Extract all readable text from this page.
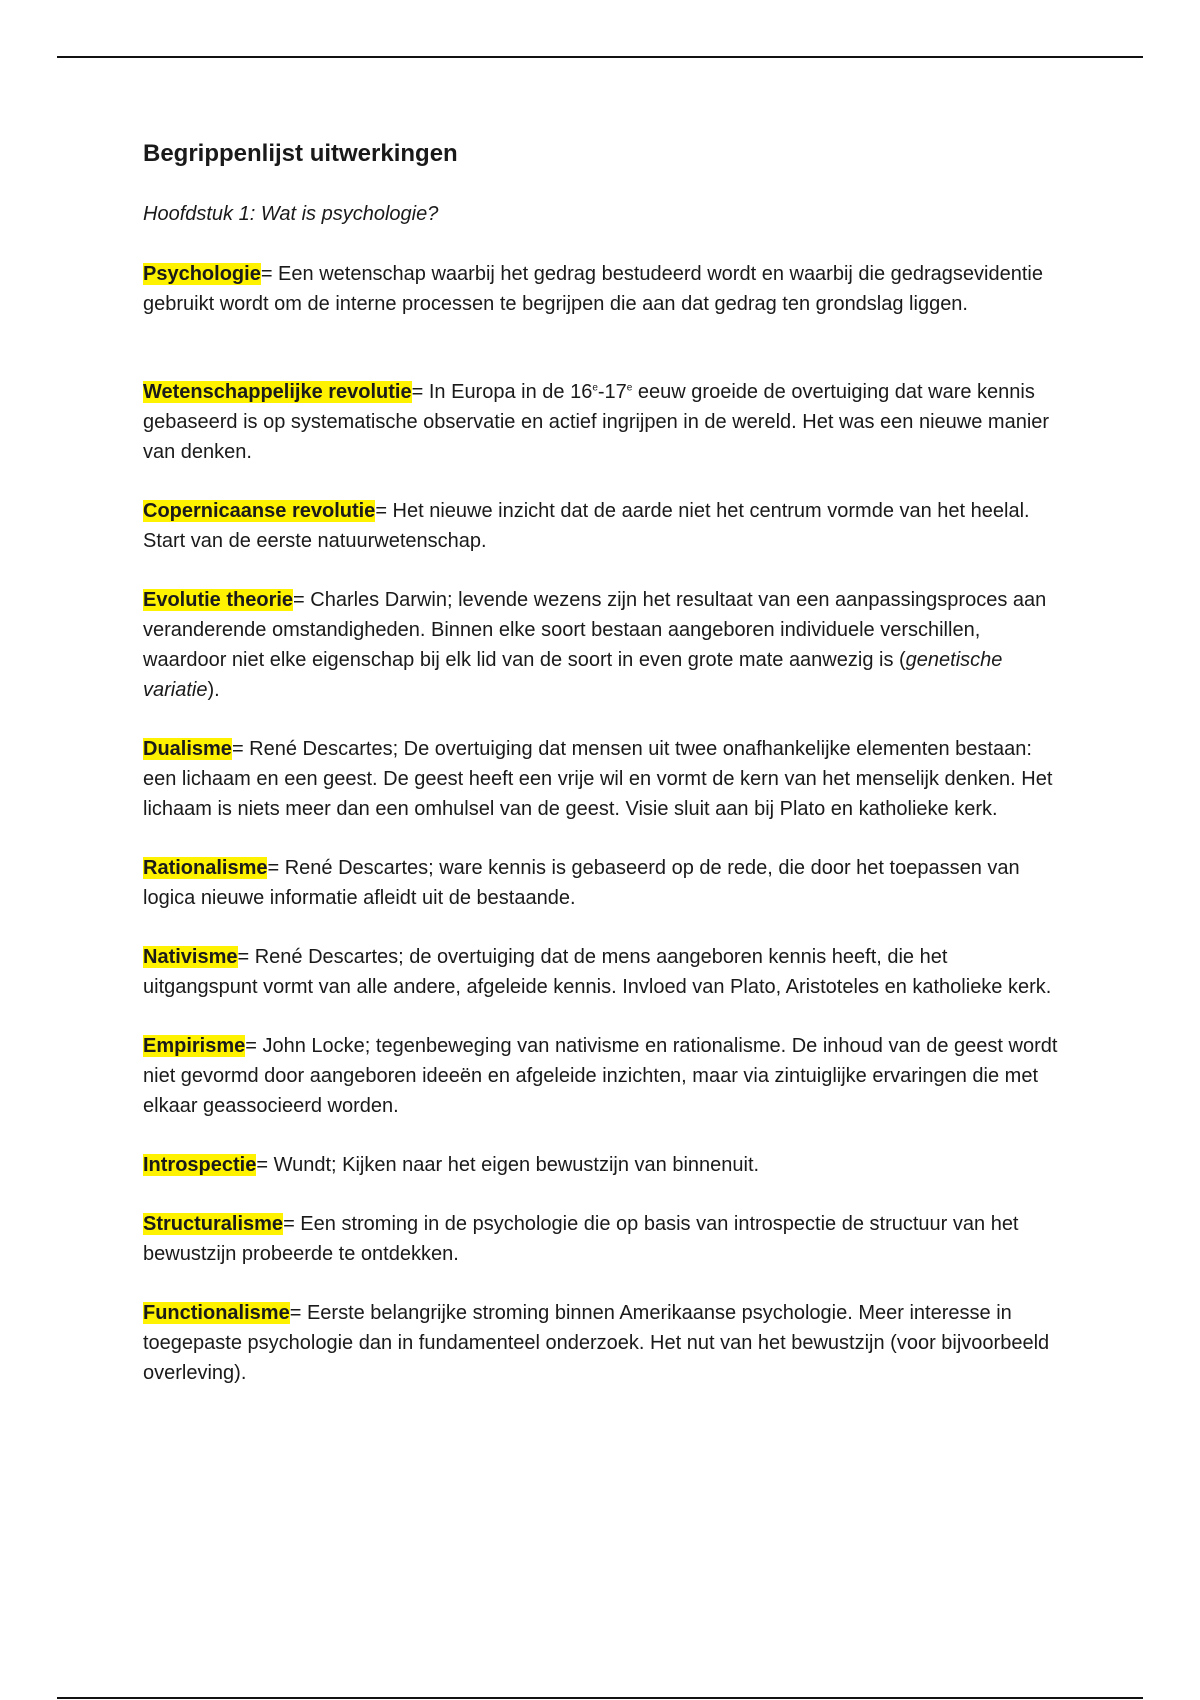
Begrippenlijst uitwerkingen
Hoofdstuk 1: Wat is psychologie?

Psychologie= Een wetenschap waarbij het gedrag bestudeerd wordt en waarbij die gedragsevidentie gebruikt wordt om de interne processen te begrijpen die aan dat gedrag ten grondslag liggen.

Wetenschappelijke revolutie= In Europa in de 16e-17e eeuw groeide de overtuiging dat ware kennis gebaseerd is op systematische observatie en actief ingrijpen in de wereld. Het was een nieuwe manier van denken.

Copernicaanse revolutie= Het nieuwe inzicht dat de aarde niet het centrum vormde van het heelal. Start van de eerste natuurwetenschap.

Evolutie theorie= Charles Darwin; levende wezens zijn het resultaat van een aanpassingsproces aan veranderende omstandigheden. Binnen elke soort bestaan aangeboren individuele verschillen, waardoor niet elke eigenschap bij elk lid van de soort in even grote mate aanwezig is (genetische variatie).

Dualisme= René Descartes; De overtuiging dat mensen uit twee onafhankelijke elementen bestaan: een lichaam en een geest. De geest heeft een vrije wil en vormt de kern van het menselijk denken. Het lichaam is niets meer dan een omhulsel van de geest. Visie sluit aan bij Plato en katholieke kerk.

Rationalisme= René Descartes; ware kennis is gebaseerd op de rede, die door het toepassen van logica nieuwe informatie afleidt uit de bestaande.

Nativisme= René Descartes; de overtuiging dat de mens aangeboren kennis heeft, die het uitgangspunt vormt van alle andere, afgeleide kennis. Invloed van Plato, Aristoteles en katholieke kerk.

Empirisme= John Locke; tegenbeweging van nativisme en rationalisme. De inhoud van de geest wordt niet gevormd door aangeboren ideeën en afgeleide inzichten, maar via zintuiglijke ervaringen die met elkaar geassocieerd worden.

Introspectie= Wundt; Kijken naar het eigen bewustzijn van binnenuit.

Structuralisme= Een stroming in de psychologie die op basis van introspectie de structuur van het bewustzijn probeerde te ontdekken.

Functionalisme= Eerste belangrijke stroming binnen Amerikaanse psychologie. Meer interesse in toegepaste psychologie dan in fundamenteel onderzoek. Het nut van het bewustzijn (voor bijvoorbeeld overleving).
